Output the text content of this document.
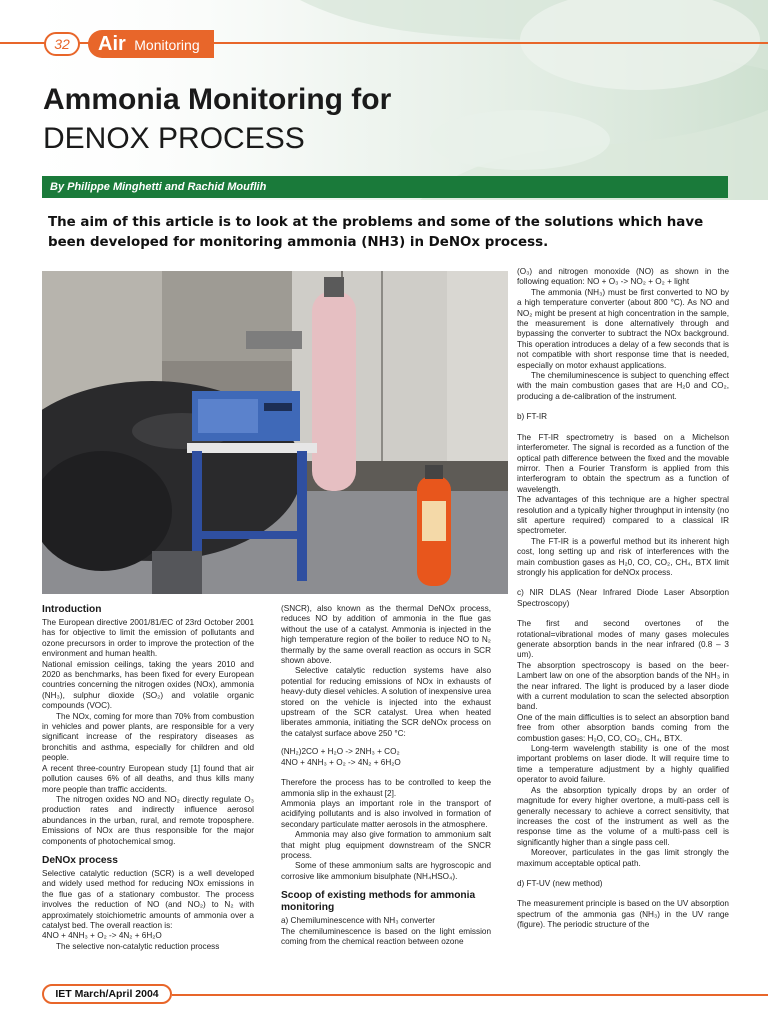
32	Air Monitoring
Ammonia Monitoring for
DENOX PROCESS
By Philippe Minghetti and Rachid Mouflih
The aim of this article is to look at the problems and some of the solutions which have been developed for monitoring ammonia (NH3) in DeNOx process.
Introduction

The European directive 2001/81/EC of 23rd October 2001 has for objective to limit the emission of pollutants and ozone precursors in order to improve the protection of the environment and human health.

National emission ceilings, taking the years 2010 and 2020 as benchmarks, has been fixed for every European countries concerning the nitrogen oxides (NOx), ammonia (NH₃), sulphur dioxide (SO₂) and volatile organic compounds (VOC).

The NOx, coming for more than 70% from combustion in vehicles and power plants, are responsible for a very significant increase of the respiratory diseases as bronchitis and asthma, especially for children and old people.

A recent three-country European study [1] found that air pollution causes 6% of all deaths, and thus kills many more people than traffic accidents.

The nitrogen oxides NO and NO₂ directly regulate O₃ production rates and indirectly influence aerosol abundances in the urban, rural, and remote troposphere. Emissions of NOx are thus responsible for the major components of photochemical smog.

DeNOx process

Selective catalytic reduction (SCR) is a well developed and widely used method for reducing NOx emissions in the flue gas of a stationary combustor. The process involves the reduction of NO (and NO₂) to N₂ with approximately stoichiometric amounts of ammonia over a catalyst bed. The overall reaction is:

4NO + 4NH₃ + O₂ -> 4N₂ + 6H₂O

The selective non-catalytic reduction process

(SNCR), also known as the thermal DeNOx process, reduces NO by addition of ammonia in the flue gas without the use of a catalyst. Ammonia is injected in the high temperature region of the boiler to reduce NO to N₂ thermally by the same overall reaction as occurs in SCR shown above.

Selective catalytic reduction systems have also potential for reducing emissions of NOx in exhausts of heavy-duty diesel vehicles. A solution of inexpensive urea stored on the vehicle is injected into the exhaust upstream of the SCR catalyst. Urea when heated liberates ammonia, initiating the SCR deNOx process on the catalyst surface above 250 °C:

(NH₂)2CO + H₂O -> 2NH₃ + CO₂

4NO + 4NH₃ + O₂ -> 4N₂ + 6H₂O

Therefore the process has to be controlled to keep the ammonia slip in the exhaust [2].

Ammonia plays an important role in the transport of acidifying pollutants and is also involved in formation of secondary particulate matter aerosols in the atmosphere.

Ammonia may also give formation to ammonium salt that might plug equipment downstream of the SNCR process.

Some of these ammonium salts are hygroscopic and corrosive like ammonium bisulphate (NH₄HSO₄).

Scoop of existing methods for ammonia monitoring

a) Chemiluminescence with NH₃ converter

The chemiluminescence is based on the light emission coming from the chemical reaction between ozone

(O₃) and nitrogen monoxide (NO) as shown in the following equation: NO + O₃ -> NO₂ + O₂ + light

The ammonia (NH₃) must be first converted to NO by a high temperature converter (about 800 °C). As NO and NO₂ might be present at high concentration in the sample, the measurement is done alternatively through and bypassing the converter to subtract the NOx background. This operation introduces a delay of a few seconds that is not compatible with short response time that is needed, especially on motor exhaust applications.

The chemiluminescence is subject to quenching effect with the main combustion gases that are H₂0 and CO₂, producing a de-calibration of the instrument.

b) FT-IR

The FT-IR spectrometry is based on a Michelson interferometer. The signal is recorded as a function of the optical path difference between the fixed and the movable mirror. Then a Fourier Transform is applied from this interferogram to obtain the spectrum as a function of wavelength.

The advantages of this technique are a higher spectral resolution and a typically higher throughput in intensity (no slit aperture required) compared to a classical IR spectrometer.

The FT-IR is a powerful method but its inherent high cost, long setting up and risk of interferences with the main combustion gases as H₂0, CO, CO₂, CH₄, BTX limit strongly his application for deNOx process.

c) NIR DLAS (Near Infrared Diode Laser Absorption Spectroscopy)

The first and second overtones of the rotational=vibrational modes of many gases molecules generate absorption bands in the near infrared (0.8 – 3 um).

The absorption spectroscopy is based on the beer-Lambert law on one of the absorption bands of the NH₃ in the near infrared. The light is produced by a laser diode with a current modulation to scan the selected absorption band.

One of the main difficulties is to select an absorption band free from other absorption bands coming from the combustion gases: H₂O, CO, CO₂, CH₄, BTX.

Long-term wavelength stability is one of the most important problems on laser diode. It will require time to time a temperature adjustment by a highly qualified operator to avoid failure.

As the absorption typically drops by an order of magnitude for every higher overtone, a multi-pass cell is generally necessary to achieve a correct sensitivity, that increases the cost of the instrument as well as the response time as the volume of a multi-pass cell is significantly higher than a single pass cell.

Moreover, particulates in the gas limit strongly the maximum acceptable optical path.

d) FT-UV (new method)

The measurement principle is based on the UV absorption spectrum of the ammonia gas (NH₃) in the UV range (figure). The periodic structure of the

IET March/April 2004
